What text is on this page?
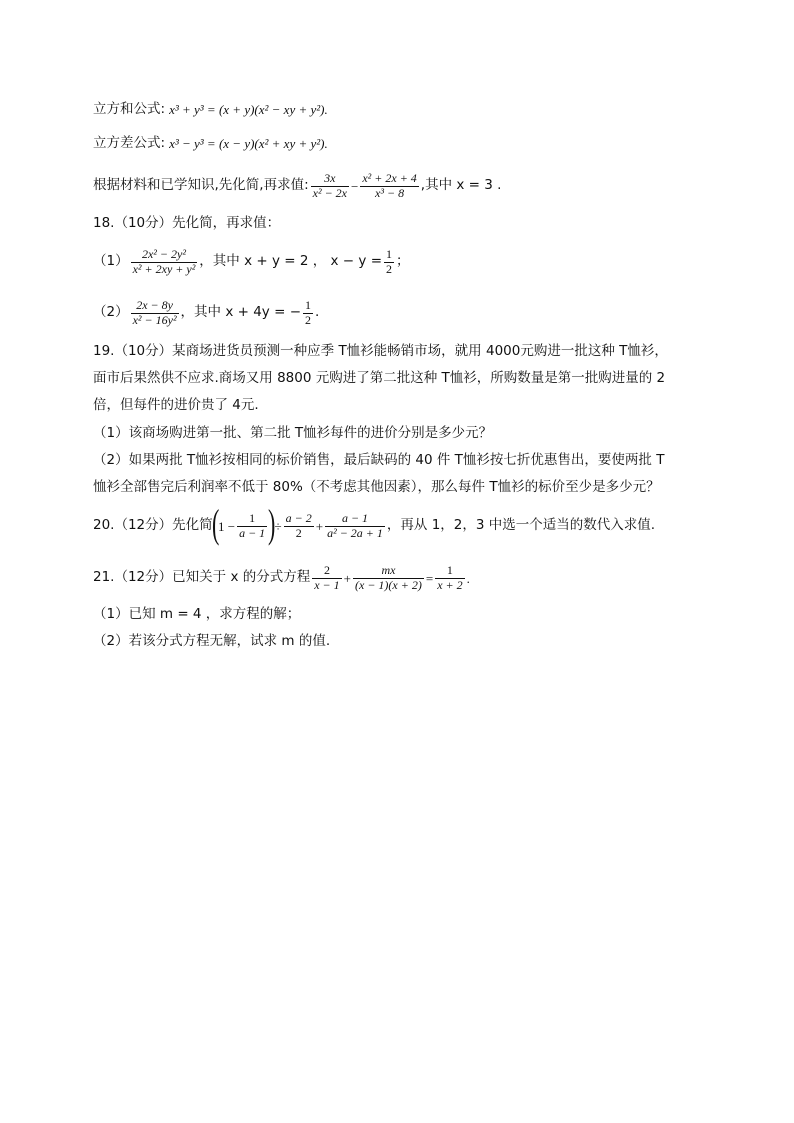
立方和公式: x³ + y³ = (x + y)(x² − xy + y²).
立方差公式: x³ − y³ = (x − y)(x² + xy + y²).
根据材料和已学知识,先化简,再求值: 3x
x² − 2x −
x² + 2x + 4
x³ − 8 ,其中 x = 3 .
18.（10分）先化简，再求值：
（1） 2x² − 2y²
x² + 2xy + y² ，其中 x + y = 2 ， x − y = 1
2 ；
（2） 2x − 8y
x² − 16y² ，其中 x + 4y = − 1
2 .
19.（10分）某商场进货员预测一种应季 T恤衫能畅销市场，就用 4000元购进一批这种 T恤衫，
面市后果然供不应求.商场又用 8800 元购进了第二批这种 T恤衫，所购数量是第一批购进量的 2
倍，但每件的进价贵了 4元.
（1）该商场购进第一批、第二批 T恤衫每件的进价分别是多少元？
（2）如果两批 T恤衫按相同的标价销售，最后缺码的 40 件 T恤衫按七折优惠售出，要使两批 T
恤衫全部售完后利润率不低于 80%（不考虑其他因素），那么每件 T恤衫的标价至少是多少元？
20.（12分）先化简
(
1 −
1
a − 1 )
÷
a − 2
2 +
a − 1
a² − 2a + 1 ，再从 1，2，3 中选一个适当的数代入求值.
21.（12分）已知关于 x 的分式方程 2
x − 1 +
mx
(x − 1)(x + 2) =
1
x + 2 .
（1）已知 m = 4 ，求方程的解；
（2）若该分式方程无解，试求 m 的值.
